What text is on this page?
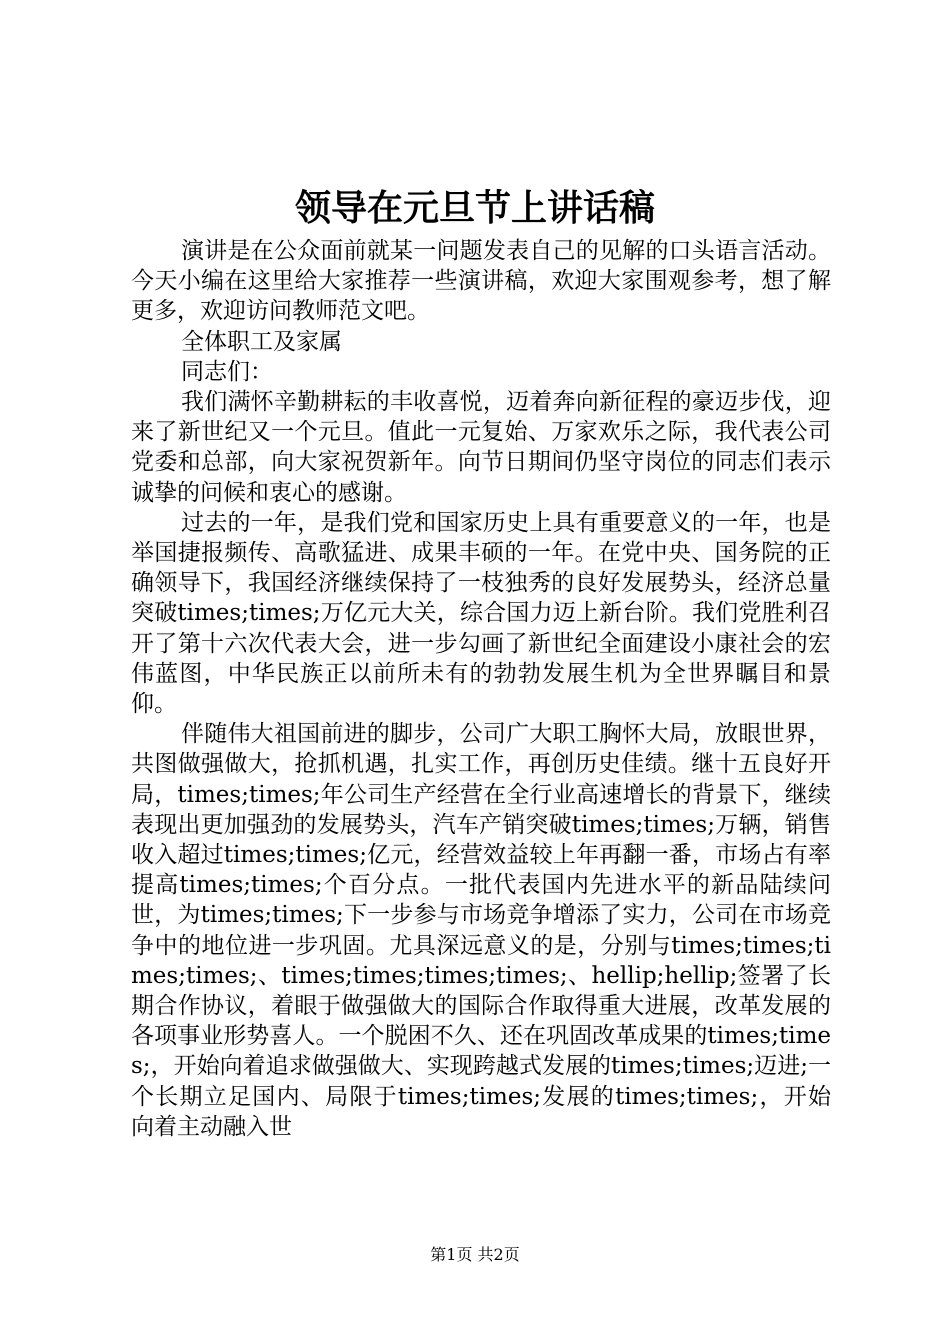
领导在元旦节上讲话稿

演讲是在公众面前就某一问题发表自己的见解的口头语言活动。今天小编在这里给大家推荐一些演讲稿，欢迎大家围观参考，想了解更多，欢迎访问教师范文吧。

全体职工及家属

同志们：

我们满怀辛勤耕耘的丰收喜悦，迈着奔向新征程的豪迈步伐，迎来了新世纪又一个元旦。值此一元复始、万家欢乐之际，我代表公司党委和总部，向大家祝贺新年。向节日期间仍坚守岗位的同志们表示诚挚的问候和衷心的感谢。

过去的一年，是我们党和国家历史上具有重要意义的一年，也是举国捷报频传、高歌猛进、成果丰硕的一年。在党中央、国务院的正确领导下，我国经济继续保持了一枝独秀的良好发展势头，经济总量突破times;times;万亿元大关，综合国力迈上新台阶。我们党胜利召开了第十六次代表大会，进一步勾画了新世纪全面建设小康社会的宏伟蓝图，中华民族正以前所未有的勃勃发展生机为全世界瞩目和景仰。

伴随伟大祖国前进的脚步，公司广大职工胸怀大局，放眼世界，共图做强做大，抢抓机遇，扎实工作，再创历史佳绩。继十五良好开局，times;times;年公司生产经营在全行业高速增长的背景下，继续表现出更加强劲的发展势头，汽车产销突破times;times;万辆，销售收入超过times;times;亿元，经营效益较上年再翻一番，市场占有率提高times;times;个百分点。一批代表国内先进水平的新品陆续问世，为times;times;下一步参与市场竞争增添了实力，公司在市场竞争中的地位进一步巩固。尤具深远意义的是，分别与times;times;times;times;、times;times;times;times;、hellip;hellip;签署了长期合作协议，着眼于做强做大的国际合作取得重大进展，改革发展的各项事业形势喜人。一个脱困不久、还在巩固改革成果的times;times;，开始向着追求做强做大、实现跨越式发展的times;times;迈进;一个长期立足国内、局限于times;times;发展的times;times;，开始向着主动融入世

第1页 共2页
